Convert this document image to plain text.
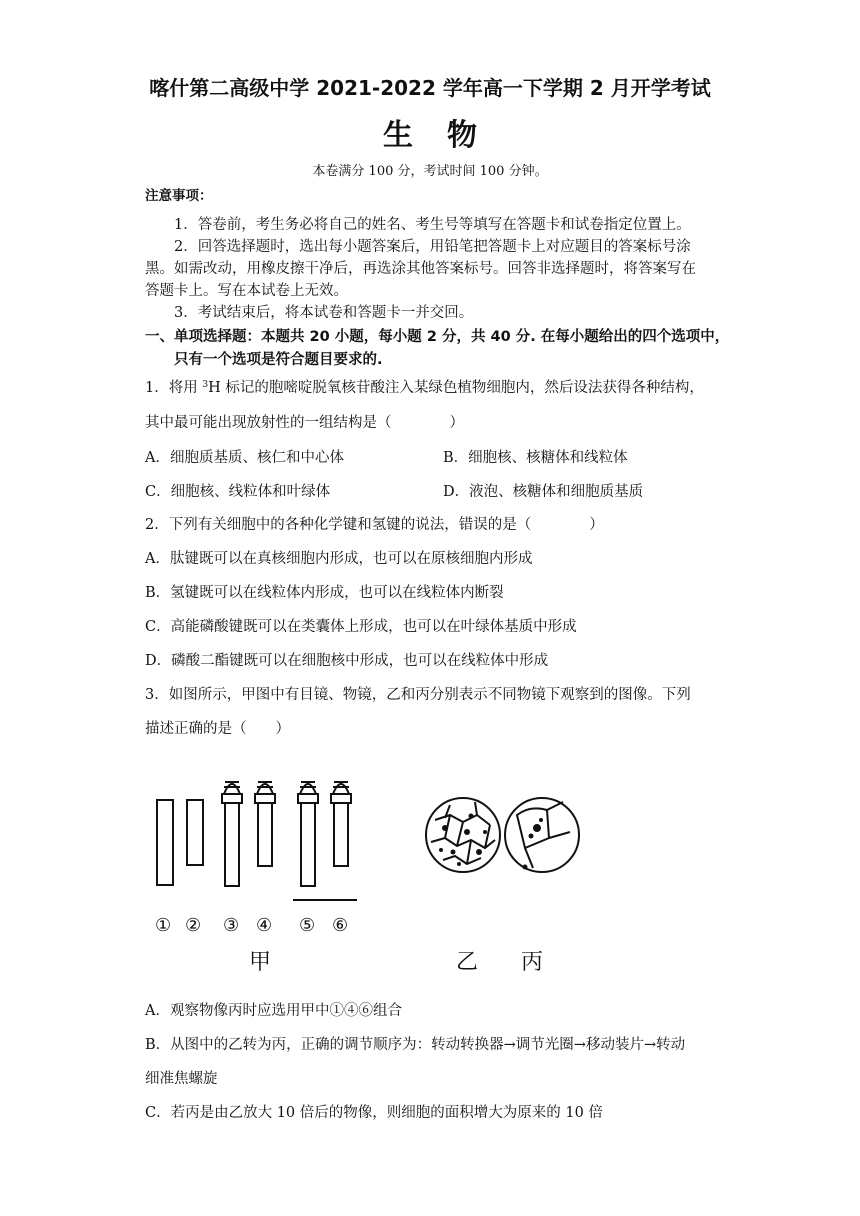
喀什第二高级中学 2021-2022 学年高一下学期 2 月开学考试
生物
本卷满分 100 分，考试时间 100 分钟。
注意事项：
1．答卷前，考生务必将自己的姓名、考生号等填写在答题卡和试卷指定位置上。
2．回答选择题时，选出每小题答案后，用铅笔把答题卡上对应题目的答案标号涂
黑。如需改动，用橡皮擦干净后，再选涂其他答案标号。回答非选择题时，将答案写在
答题卡上。写在本试卷上无效。
3．考试结束后，将本试卷和答题卡一并交回。
一、单项选择题：本题共 20 小题，每小题 2 分，共 40 分. 在每小题给出的四个选项中，
只有一个选项是符合题目要求的.
1．将用 $^3$H 标记的胞嘧啶脱氧核苷酸注入某绿色植物细胞内，然后设法获得各种结构，
其中最可能出现放射性的一组结构是（　　　　）
A．细胞质基质、核仁和中心体	B．细胞核、核糖体和线粒体
C．细胞核、线粒体和叶绿体	D．液泡、核糖体和细胞质基质
2．下列有关细胞中的各种化学键和氢键的说法，错误的是（　　　　）
A．肽键既可以在真核细胞内形成，也可以在原核细胞内形成
B．氢键既可以在线粒体内形成，也可以在线粒体内断裂
C．高能磷酸键既可以在类囊体上形成，也可以在叶绿体基质中形成
D．磷酸二酯键既可以在细胞核中形成，也可以在线粒体中形成
3．如图所示，甲图中有目镜、物镜，乙和丙分别表示不同物镜下观察到的图像。下列
描述正确的是（　　）
① ② ③ ④ ⑤ ⑥
甲	乙 丙
A．观察物像丙时应选用甲中①④⑥组合
B．从图中的乙转为丙，正确的调节顺序为：转动转换器→调节光圈→移动装片→转动
细准焦螺旋
C．若丙是由乙放大 10 倍后的物像，则细胞的面积增大为原来的 10 倍
